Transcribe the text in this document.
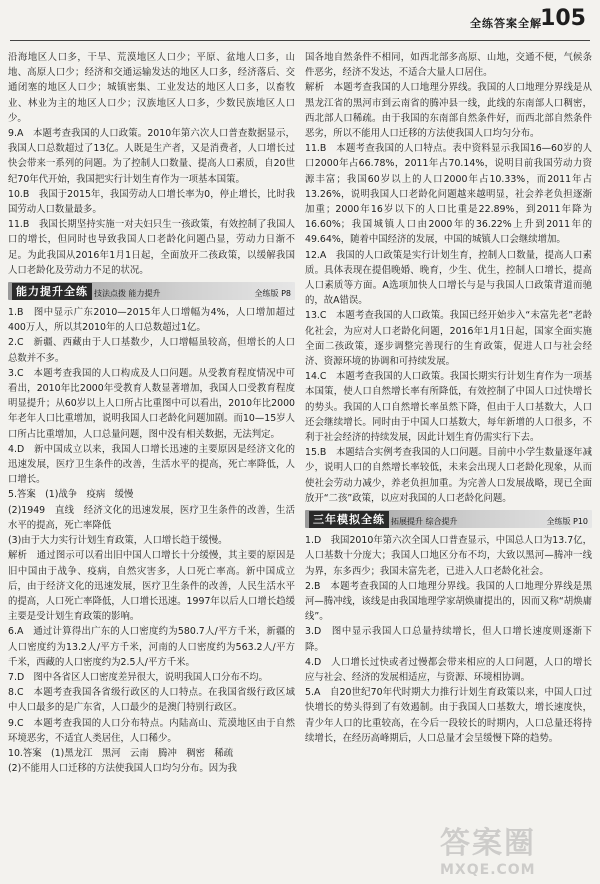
全练答案全解
105

沿海地区人口多，干旱、荒漠地区人口少；平原、盆地人口多，山地、高原人口少；经济和交通运输发达的地区人口多，经济落后、交通闭塞的地区人口少；城镇密集、工业发达的地区人口多，以畜牧业、林业为主的地区人口少；汉族地区人口多，少数民族地区人口少。

9.A　本题考查我国的人口政策。2010年第六次人口普查数据显示，我国人口总数超过了13亿。人既是生产者，又是消费者，人口增长过快会带来一系列的问题。为了控制人口数量、提高人口素质，自20世纪70年代开始，我国把实行计划生育作为一项基本国策。

10.B　我国于2015年，我国劳动人口增长率为0，停止增长，比时我国劳动人口数量最多。

11.B　我国长期坚持实施一对夫妇只生一孩政策，有效控制了我国人口的增长，但同时也导致我国人口老龄化问题凸显，劳动力日渐不足。为此我国从2016年1月1日起，全面放开二孩政策，以缓解我国人口老龄化及劳动力不足的状况。

能力提升全练 技法点拨 能力提升	全练版 P8

1.B　图中显示广东2010—2015年人口增幅为4%，人口增加超过400万人，所以其2010年的人口总数超过1亿。

2.C　新疆、西藏由于人口基数少，人口增幅虽较高，但增长的人口总数并不多。

3.C　本题考查我国的人口构成及人口问题。从受教育程度情况中可看出，2010年比2000年受教育人数显著增加，我国人口受教育程度明显提升；从60岁以上人口所占比重图中可以看出，2010年比2000年老年人口比重增加，说明我国人口老龄化问题加剧。而10—15岁人口所占比重增加，人口总量问题，图中没有相关数据，无法判定。

4.D　新中国成立以来，我国人口增长迅速的主要原因是经济文化的迅速发展，医疗卫生条件的改善，生活水平的提高，死亡率降低，人口增长。

5.答案　(1)战争　疫病　缓慢

(2)1949　直线　经济文化的迅速发展，医疗卫生条件的改善，生活水平的提高，死亡率降低

(3)由于大力实行计划生育政策，人口增长趋于缓慢。

解析　通过图示可以看出旧中国人口增长十分缓慢，其主要的原因是旧中国由于战争、疫病，自然灾害多，人口死亡率高。新中国成立后，由于经济文化的迅速发展，医疗卫生条件的改善，人民生活水平的提高，人口死亡率降低，人口增长迅速。1997年以后人口增长趋缓主要是受计划生育政策的影响。

6.A　通过计算得出广东的人口密度约为580.7人/平方千米，新疆的人口密度约为13.2人/平方千米，河南的人口密度约为563.2人/平方千米，西藏的人口密度约为2.5人/平方千米。

7.D　图中各省区人口密度差异很大，说明我国人口分布不均。

8.C　本题考查我国各省级行政区的人口特点。在我国省级行政区域中人口最多的是广东省，人口最少的是澳门特别行政区。

9.C　本题考查我国的人口分布特点。内陆高山、荒漠地区由于自然环境恶劣，不适宜人类居住，人口稀少。

10.答案　(1)黑龙江　黑河　云南　腾冲　稠密　稀疏

(2)不能用人口迁移的方法使我国人口均匀分布。因为我

国各地自然条件不相同，如西北部多高原、山地，交通不便，气候条件恶劣，经济不发达，不适合大量人口居住。

解析　本题考查我国的人口地理分界线。我国的人口地理分界线是从黑龙江省的黑河市到云南省的腾冲县一线，此线的东南部人口稠密，西北部人口稀疏。由于我国的东南部自然条件好，而西北部自然条件恶劣，所以不能用人口迁移的方法使我国人口均匀分布。

11.B　本题考查我国的人口特点。表中资料显示我国16—60岁的人口2000年占66.78%，2011年占70.14%，说明目前我国劳动力资源丰富；我国60岁以上的人口2000年占10.33%，而2011年占13.26%，说明我国人口老龄化问题越来越明显，社会养老负担逐渐加重；2000年16岁以下的人口比重是22.89%，到2011年降为16.60%；我国城镇人口由2000年的36.22%上升到2011年的49.64%，随着中国经济的发展，中国的城镇人口会继续增加。

12.A　我国的人口政策是实行计划生育，控制人口数量，提高人口素质。具体表现在提倡晚婚、晚育，少生、优生，控制人口增长，提高人口素质等方面。A选项加快人口增长与是与我国人口政策背道而驰的，故A错误。

13.C　本题考查我国的人口政策。我国已经开始步入“未富先老”老龄化社会，为应对人口老龄化问题，2016年1月1日起，国家全面实施全面二孩政策，逐步调整完善现行的生育政策，促进人口与社会经济、资源环境的协调和可持续发展。

14.C　本题考查我国的人口政策。我国长期实行计划生育作为一项基本国策，使人口自然增长率有所降低，有效控制了中国人口过快增长的势头。我国的人口自然增长率虽然下降，但由于人口基数大，人口还会继续增长。同时由于中国人口基数大，每年新增的人口很多，不利于社会经济的持续发展，因此计划生育仍需实行下去。

15.B　本题结合实例考查我国的人口问题。目前中小学生数量逐年减少，说明人口的自然增长率较低，未来会出现人口老龄化现象，从而使社会劳动力减少，养老负担加重。为完善人口发展战略，现已全面放开“二孩”政策，以应对我国的人口老龄化问题。

三年模拟全练 拓展提升 综合提升	全练版 P10

1.D　我国2010年第六次全国人口普查显示，中国总人口为13.7亿，人口基数十分庞大；我国人口地区分布不均，大致以黑河—腾冲一线为界，东多西少；我国未富先老，已进入人口老龄化社会。

2.B　本题考查我国的人口地理分界线。我国的人口地理分界线是黑河—腾冲线，该线是由我国地理学家胡焕庸提出的，因而又称“胡焕庸线”。

3.D　图中显示我国人口总量持续增长，但人口增长速度则逐渐下降。

4.D　人口增长过快或者过慢都会带来相应的人口问题，人口的增长应与社会、经济的发展相适应，与资源、环境相协调。

5.A　自20世纪70年代时期大力推行计划生育政策以来，中国人口过快增长的势头得到了有效遏制。由于我国人口基数大，增长速度快，青少年人口的比重较高，在今后一段较长的时期内，人口总量还将持续增长，在经历高峰期后，人口总量才会呈缓慢下降的趋势。

答案圈
MXQE.COM
